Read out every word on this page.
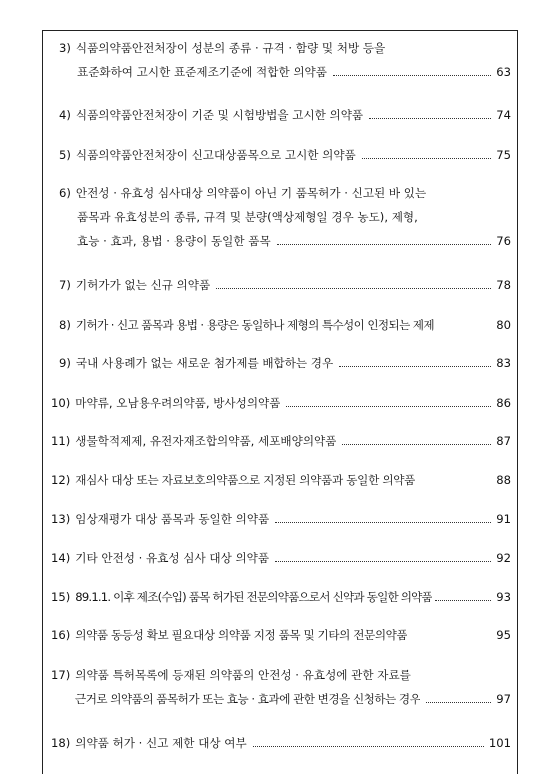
3) 식품의약품안전처장이 성분의 종류 · 규격 · 함량 및 처방 등을
표준화하여 고시한 표준제조기준에 적합한 의약품	63
4) 식품의약품안전처장이 기준 및 시험방법을 고시한 의약품	74
5) 식품의약품안전처장이 신고대상품목으로 고시한 의약품	75
6) 안전성 · 유효성 심사대상 의약품이 아닌 기 품목허가 · 신고된 바 있는
품목과 유효성분의 종류, 규격 및 분량(액상제형일 경우 농도), 제형,
효능 · 효과, 용법 · 용량이 동일한 품목	76
7) 기허가가 없는 신규 의약품	78
8) 기허가 · 신고 품목과 용법 · 용량은 동일하나 제형의 특수성이 인정되는 제제	80
9) 국내 사용례가 없는 새로운 첨가제를 배합하는 경우	83
10) 마약류, 오남용우려의약품, 방사성의약품	86
11) 생물학적제제, 유전자재조합의약품, 세포배양의약품	87
12) 재심사 대상 또는 자료보호의약품으로 지정된 의약품과 동일한 의약품	88
13) 임상재평가 대상 품목과 동일한 의약품	91
14) 기타 안전성 · 유효성 심사 대상 의약품	92
15) 89.1.1. 이후 제조(수입) 품목 허가된 전문의약품으로서 신약과 동일한 의약품	93
16) 의약품 동등성 확보 필요대상 의약품 지정 품목 및 기타의 전문의약품	95
17) 의약품 특허목록에 등재된 의약품의 안전성 · 유효성에 관한 자료를
근거로 의약품의 품목허가 또는 효능 · 효과에 관한 변경을 신청하는 경우	97
18) 의약품 허가 · 신고 제한 대상 여부	101
